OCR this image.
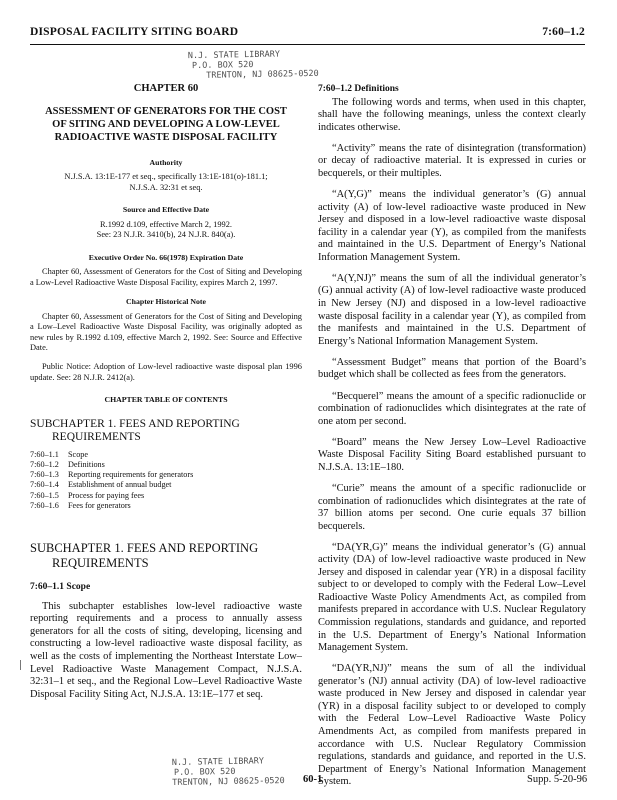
DISPOSAL FACILITY SITING BOARD	7:60–1.2
N.J. STATE LIBRARY
P.O. BOX 520
TRENTON, NJ 08625-0520
CHAPTER 60
ASSESSMENT OF GENERATORS FOR THE COST OF SITING AND DEVELOPING A LOW-LEVEL RADIOACTIVE WASTE DISPOSAL FACILITY
Authority
N.J.S.A. 13:1E-177 et seq., specifically 13:1E-181(o)-181.1;
N.J.S.A. 32:31 et seq.
Source and Effective Date
R.1992 d.109, effective March 2, 1992.
See: 23 N.J.R. 3410(b), 24 N.J.R. 840(a).
Executive Order No. 66(1978) Expiration Date

Chapter 60, Assessment of Generators for the Cost of Siting and Developing a Low-Level Radioactive Waste Disposal Facility, expires March 2, 1997.

Chapter Historical Note

Chapter 60, Assessment of Generators for the Cost of Siting and Developing a Low–Level Radioactive Waste Disposal Facility, was originally adopted as new rules by R.1992 d.109, effective March 2, 1992. See: Source and Effective Date.

Public Notice: Adoption of Low-level radioactive waste disposal plan 1996 update. See: 28 N.J.R. 2412(a).

CHAPTER TABLE OF CONTENTS
SUBCHAPTER 1. FEES AND REPORTING
REQUIREMENTS
7:60–1.1	Scope
7:60–1.2	Definitions
7:60–1.3	Reporting requirements for generators
7:60–1.4	Establishment of annual budget
7:60–1.5	Process for paying fees
7:60–1.6	Fees for generators
SUBCHAPTER 1. FEES AND REPORTING
REQUIREMENTS
7:60–1.1 Scope

This subchapter establishes low-level radioactive waste reporting requirements and a process to annually assess generators for all the costs of siting, developing, licensing and constructing a low-level radioactive waste disposal facility, as well as the costs of implementing the Northeast Interstate Low–Level Radioactive Waste Management Compact, N.J.S.A. 32:31–1 et seq., and the Regional Low–Level Radioactive Waste Disposal Facility Siting Act, N.J.S.A. 13:1E–177 et seq.

7:60–1.2 Definitions

The following words and terms, when used in this chapter, shall have the following meanings, unless the context clearly indicates otherwise.

“Activity” means the rate of disintegration (transformation) or decay of radioactive material. It is expressed in curies or becquerels, or their multiples.

“A(Y,G)” means the individual generator’s (G) annual activity (A) of low-level radioactive waste produced in New Jersey and disposed in a low-level radioactive waste disposal facility in a calendar year (Y), as compiled from the manifests and maintained in the U.S. Department of Energy’s National Information Management System.

“A(Y,NJ)” means the sum of all the individual generator’s (G) annual activity (A) of low-level radioactive waste produced in New Jersey (NJ) and disposed in a low-level radioactive waste disposal facility in a calendar year (Y), as compiled from the manifests and maintained in the U.S. Department of Energy’s National Information Management System.

“Assessment Budget” means that portion of the Board’s budget which shall be collected as fees from the generators.

“Becquerel” means the amount of a specific radionuclide or combination of radionuclides which disintegrates at the rate of one atom per second.

“Board” means the New Jersey Low–Level Radioactive Waste Disposal Facility Siting Board established pursuant to N.J.S.A. 13:1E–180.

“Curie” means the amount of a specific radionuclide or combination of radionuclides which disintegrates at the rate of 37 billion atoms per second. One curie equals 37 billion becquerels.

“DA(YR,G)” means the individual generator’s (G) annual activity (DA) of low-level radioactive waste produced in New Jersey and disposed in calendar year (YR) in a disposal facility subject to or developed to comply with the Federal Low–Level Radioactive Waste Policy Amendments Act, as compiled from manifests prepared in accordance with U.S. Nuclear Regulatory Commission regulations, standards and guidance, and reported in the U.S. Department of Energy’s National Information Management System.

“DA(YR,NJ)” means the sum of all the individual generator’s (NJ) annual activity (DA) of low-level radioactive waste produced in New Jersey and disposed in calendar year (YR) in a disposal facility subject to or developed to comply with the Federal Low–Level Radioactive Waste Policy Amendments Act, as compiled from manifests prepared in accordance with U.S. Nuclear Regulatory Commission regulations, standards and guidance, and reported in the U.S. Department of Energy’s National Information Management System.

N.J. STATE LIBRARY
P.O. BOX 520
TRENTON, NJ 08625-0520 60-1	Supp. 5-20-96
